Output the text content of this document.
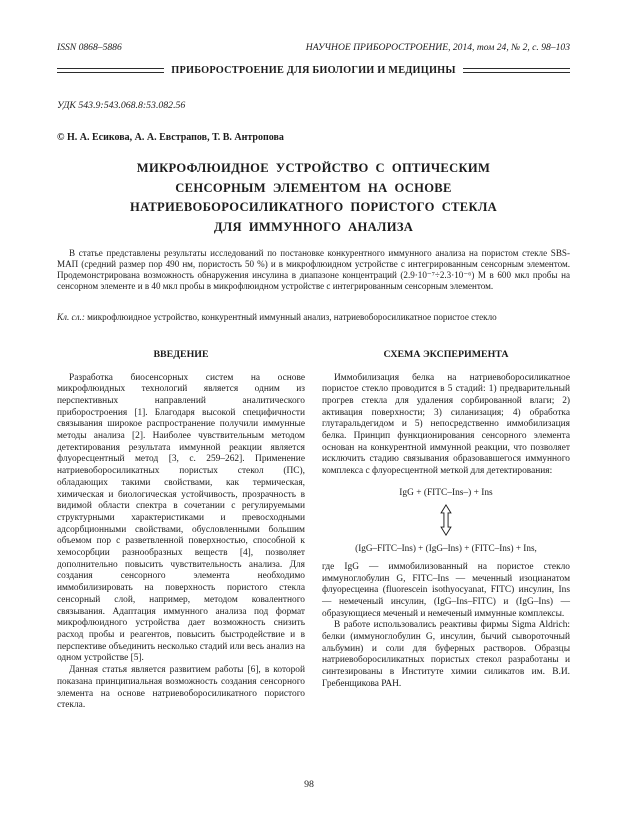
ISSN 0868–5886	НАУЧНОЕ ПРИБОРОСТРОЕНИЕ, 2014, том 24, № 2, с. 98–103
ПРИБОРОСТРОЕНИЕ ДЛЯ БИОЛОГИИ И МЕДИЦИНЫ
УДК 543.9:543.068.8:53.082.56
© Н. А. Есикова, А. А. Евстрапов, Т. В. Антропова
МИКРОФЛЮИДНОЕ УСТРОЙСТВО С ОПТИЧЕСКИМ
СЕНСОРНЫМ ЭЛЕМЕНТОМ НА ОСНОВЕ
НАТРИЕВОБОРОСИЛИКАТНОГО ПОРИСТОГО СТЕКЛА
ДЛЯ ИММУННОГО АНАЛИЗА
В статье представлены результаты исследований по постановке конкурентного иммунного анализа на пористом стекле SBS-МАП (средний размер пор 490 нм, пористость 50 %) и в микрофлюидном устройстве с интегрированным сенсорным элементом. Продемонстрирована возможность обнаружения инсулина в диапазоне концентраций (2.9·10⁻⁷÷2.3·10⁻⁶) М в 600 мкл пробы на сенсорном элементе и в 40 мкл пробы в микрофлюидном устройстве с интегрированным сенсорным элементом.
Кл. сл.: микрофлюидное устройство, конкурентный иммунный анализ, натриевоборосиликатное пористое стекло
ВВЕДЕНИЕ

Разработка биосенсорных систем на основе микрофлюидных технологий является одним из перспективных направлений аналитического приборостроения [1]. Благодаря высокой специфичности связывания широкое распространение получили иммунные методы анализа [2]. Наиболее чувствительным методом детектирования результата иммунной реакции является флуоресцентный метод [3, с. 259–262]. Применение натриевоборосиликатных пористых стекол (ПС), обладающих такими свойствами, как термическая, химическая и биологическая устойчивость, прозрачность в видимой области спектра в сочетании с регулируемыми структурными характеристиками и превосходными адсорбционными свойствами, обусловленными большим объемом пор с разветвленной поверхностью, способной к хемосорбции разнообразных веществ [4], позволяет дополнительно повысить чувствительность анализа. Для создания сенсорного элемента необходимо иммобилизировать на поверхность пористого стекла сенсорный слой, например, методом ковалентного связывания. Адаптация иммунного анализа под формат микрофлюидного устройства дает возможность снизить расход пробы и реагентов, повысить быстродействие и в перспективе объединить несколько стадий или весь анализ на одном устройстве [5].

Данная статья является развитием работы [6], в которой показана принципиальная возможность создания сенсорного элемента на основе натриевоборосиликатного пористого стекла.

СХЕМА ЭКСПЕРИМЕНТА

Иммобилизация белка на натриевоборосиликатное пористое стекло проводится в 5 стадий: 1) предварительный прогрев стекла для удаления сорбированной влаги; 2) активация поверхности; 3) силанизация; 4) обработка глутаральдегидом и 5) непосредственно иммобилизация белка. Принцип функционирования сенсорного элемента основан на конкурентной иммунной реакции, что позволяет исключить стадию связывания образовавшегося иммунного комплекса с флуоресцентной меткой для детектирования:

IgG + (FITC–Ins–) + Ins
(IgG–FITC–Ins) + (IgG–Ins) + (FITC–Ins) + Ins,

где IgG — иммобилизованный на пористое стекло иммуноглобулин G, FITC–Ins — меченный изоцианатом флуоресцеина (fluorescein isothyocyanat, FITC) инсулин, Ins — немеченый инсулин, (IgG–Ins–FITC) и (IgG–Ins) — образующиеся меченый и немеченый иммунные комплексы.

В работе использовались реактивы фирмы Sigma Aldrich: белки (иммуноглобулин G, инсулин, бычий сывороточный альбумин) и соли для буферных растворов. Образцы натриевоборосиликатных пористых стекол разработаны и синтезированы в Институте химии силикатов им. В.И. Гребенщикова РАН.

98
